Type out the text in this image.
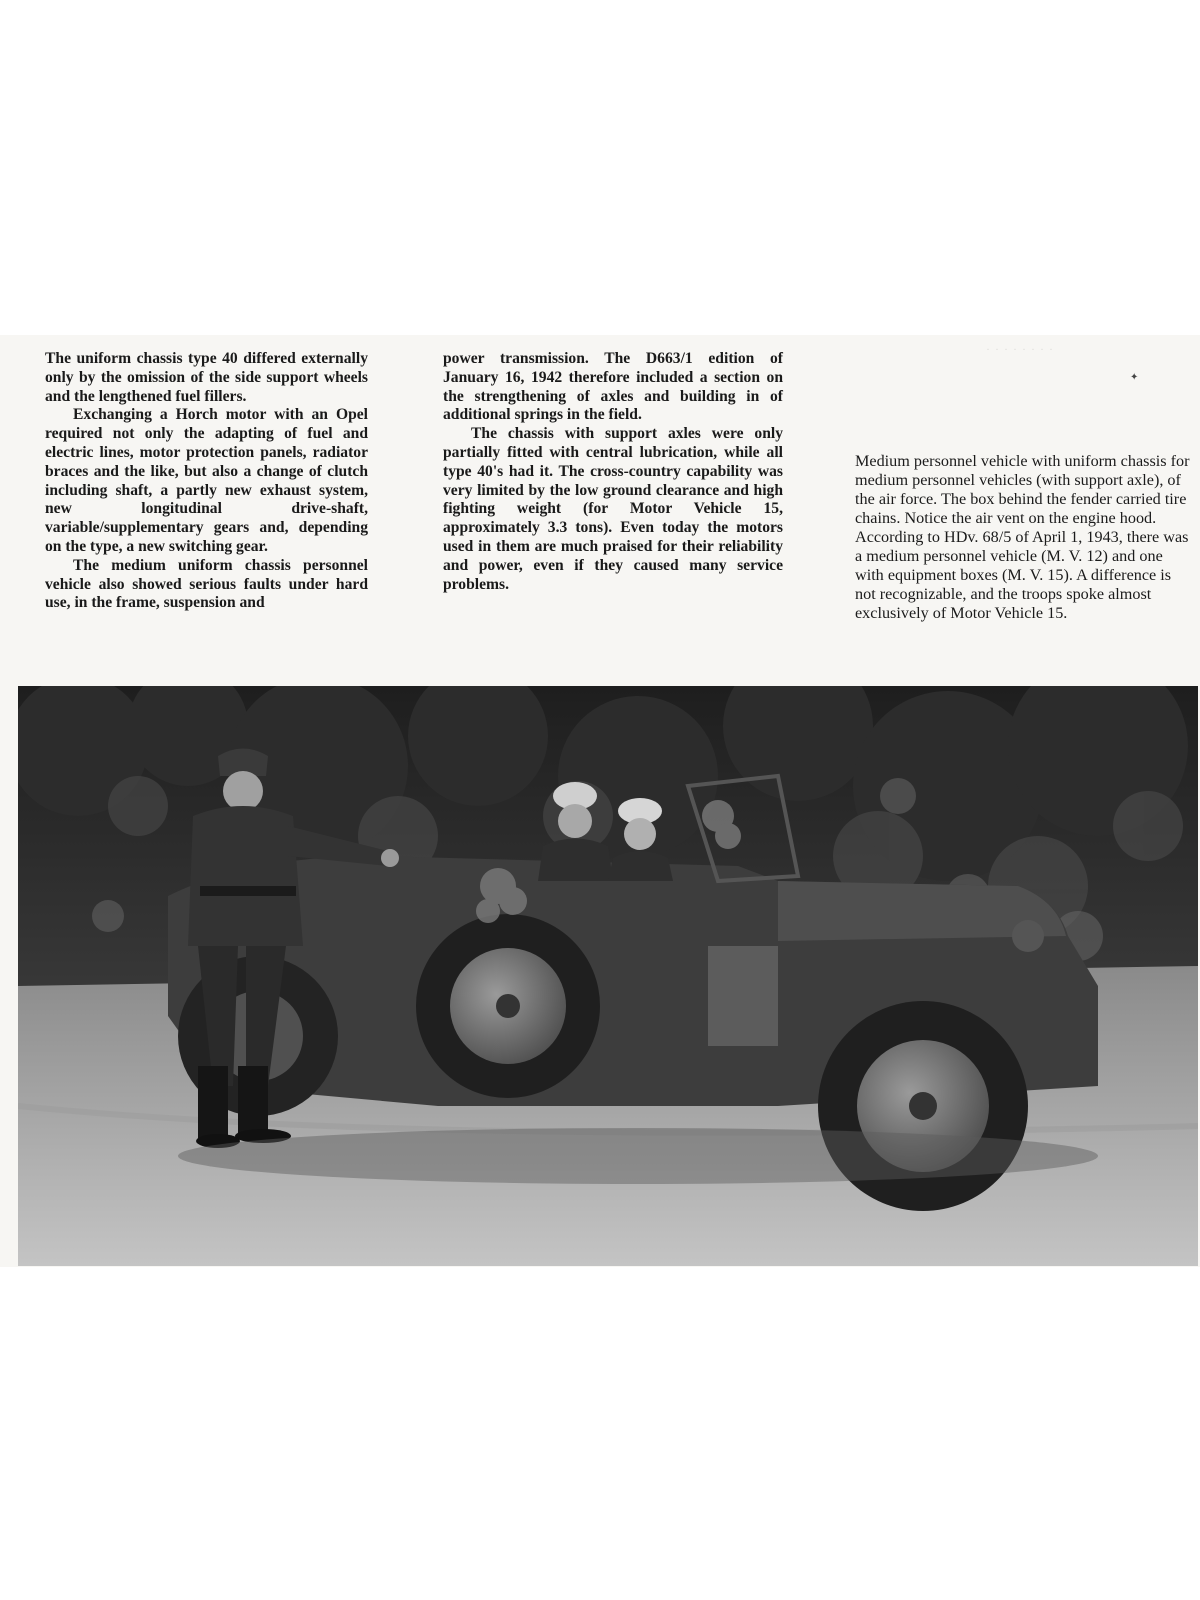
· · · · · · · ·

The uniform chassis type 40 differed externally only by the omission of the side support wheels and the lengthened fuel fillers.

Exchanging a Horch motor with an Opel required not only the adapting of fuel and electric lines, motor protection panels, radiator braces and the like, but also a change of clutch including shaft, a partly new exhaust system, new longitudinal drive-shaft, variable/supplementary gears and, depending on the type, a new switching gear.

The medium uniform chassis personnel vehicle also showed serious faults under hard use, in the frame, suspension and

power transmission. The D663/1 edition of January 16, 1942 therefore included a section on the strengthening of axles and building in of additional springs in the field.

The chassis with support axles were only partially fitted with central lubrication, while all type 40's had it. The cross-country capability was very limited by the low ground clearance and high fighting weight (for Motor Vehicle 15, approximately 3.3 tons). Even today the motors used in them are much praised for their reliability and power, even if they caused many service problems.

Medium personnel vehicle with uniform chassis for medium personnel vehicles (with support axle), of the air force. The box behind the fender carried tire chains. Notice the air vent on the engine hood. According to HDv. 68/5 of April 1, 1943, there was a medium personnel vehicle (M. V. 12) and one with equipment boxes (M. V. 15). A difference is not recognizable, and the troops spoke almost exclusively of Motor Vehicle 15.
✦
